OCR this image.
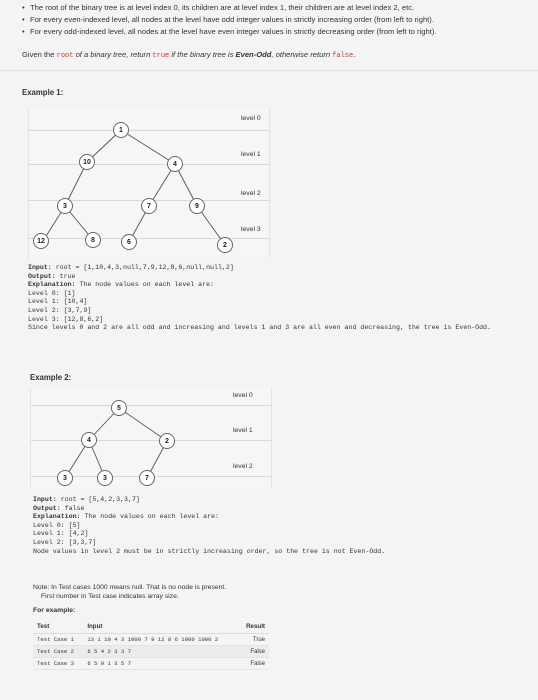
• The root of the binary tree is at level index 0, its children are at level index 1, their children are at level index 2, etc.
• For every even-indexed level, all nodes at the level have odd integer values in strictly increasing order (from left to right).
• For every odd-indexed level, all nodes at the level have even integer values in strictly decreasing order (from left to right).
Given the root of a binary tree, return true if the binary tree is Even-Odd, otherwise return false.
Example 1:
level 0
level 1
level 2
level 3
1
10	4
3	7	9
12	8	6	2
Input: root = [1,10,4,3,null,7,9,12,8,6,null,null,2]
Output: true
Explanation: The node values on each level are:
Level 0: [1]
Level 1: [10,4]
Level 2: [3,7,9]
Level 3: [12,8,6,2]
Since levels 0 and 2 are all odd and increasing and levels 1 and 3 are all even and decreasing, the tree is Even-Odd.
Example 2:
level 0
level 1
level 2
5
4	2
3	3	7
Input: root = [5,4,2,3,3,7]
Output: false
Explanation: The node values on each level are:
Level 0: [5]
Level 1: [4,2]
Level 2: [3,3,7]
Node values in level 2 must be in strictly increasing order, so the tree is not Even-Odd.
Note: In Test cases 1000 means null. That is no node is present.
First number in Test case indicates array size.
For example:
Test	Input	Result
Test Case 1	13 1 10 4 3 1000 7 9 12 8 6 1000 1000 2	True
Test Case 2	6 5 4 2 3 3 7	False
Test Case 3	6 5 9 1 3 5 7	False
